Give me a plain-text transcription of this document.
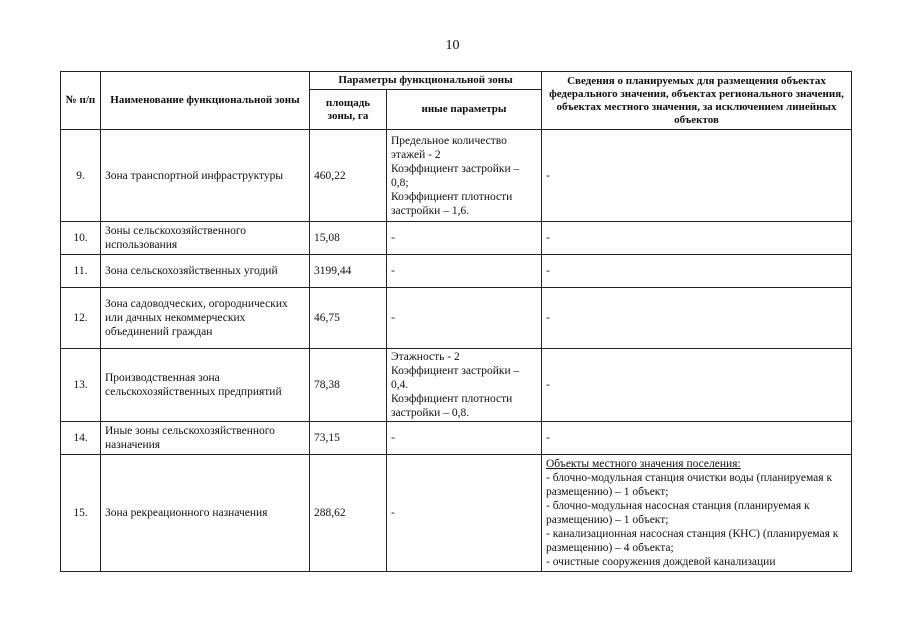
10
№ п/п	Наименование функциональной зоны	Параметры функциональной зоны		Сведения о планируемых для размещения объектах федерального значения, объектах регионального значения, объектах местного значения, за исключением линейных объектов
		площадь зоны, га	иные параметры	
9.	Зона транспортной инфраструктуры	460,22	Предельное количество этажей - 2
Коэффициент застройки – 0,8;
Коэффициент плотности застройки – 1,6.	-

10.	Зоны сельскохозяйственного использования	15,08	-	-

11.	Зона сельскохозяйственных угодий	3199,44	-	-

12.	Зона садоводческих, огороднических или дачных некоммерческих объединений граждан	46,75	-	-

13.	Производственная зона сельскохозяйственных предприятий	78,38	Этажность - 2
Коэффициент застройки – 0,4.
Коэффициент плотности застройки – 0,8.	-

14.	Иные зоны сельскохозяйственного назначения	73,15	-	-

15.	Зона рекреационного назначения	288,62	-	Объекты местного значения поселения:
- блочно-модульная станция очистки воды (планируемая к размещению) – 1 объект;
- блочно-модульная насосная станция (планируемая к размещению) – 1 объект;
- канализационная насосная станция (КНС) (планируемая к размещению) – 4 объекта;
- очистные сооружения дождевой канализации
